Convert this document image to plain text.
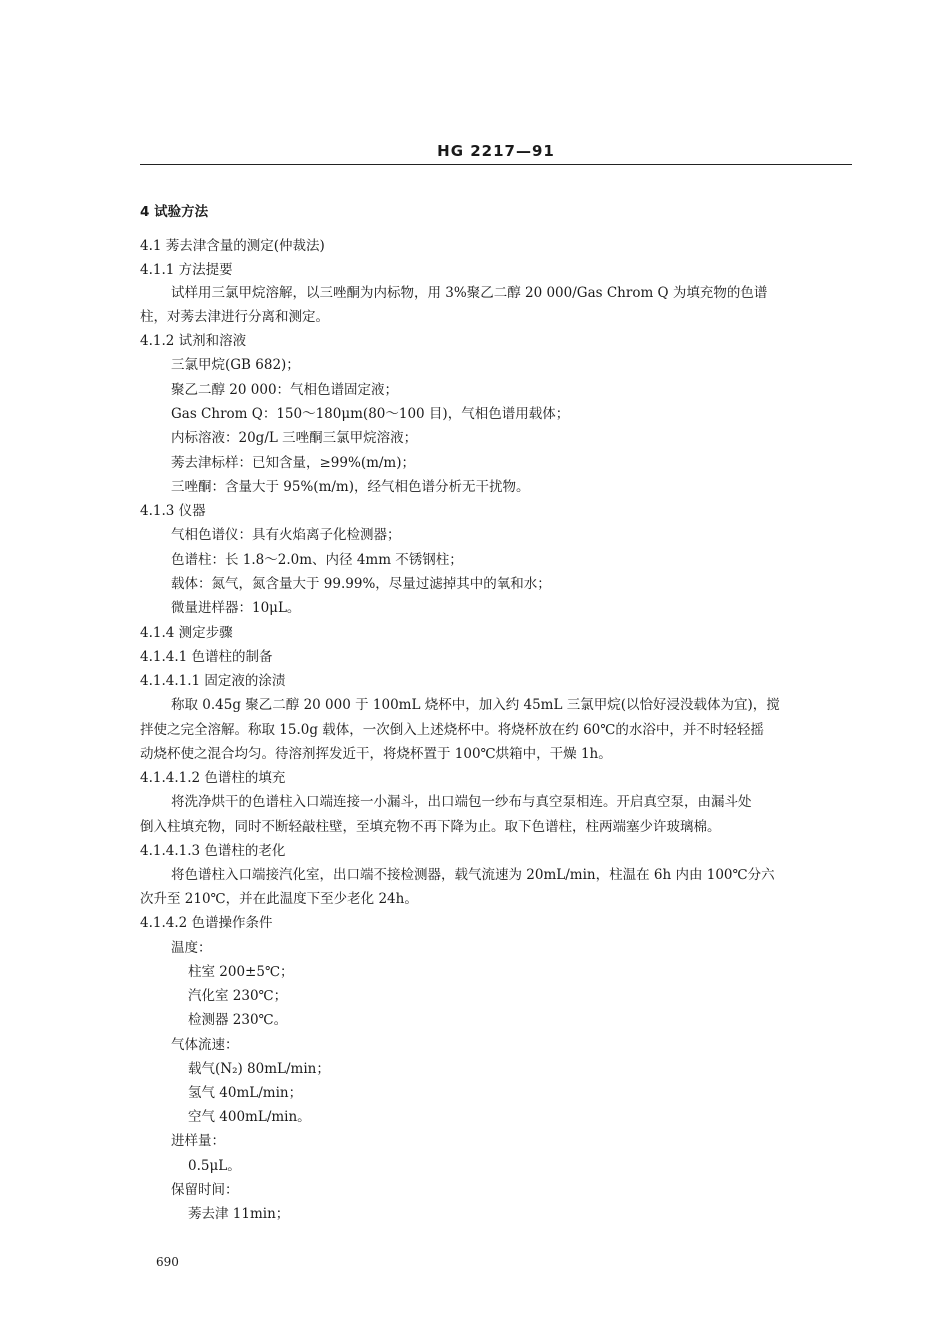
HG 2217—91
4 试验方法
4.1 莠去津含量的测定(仲裁法)
4.1.1 方法提要
试样用三氯甲烷溶解，以三唑酮为内标物，用 3%聚乙二醇 20 000/Gas Chrom Q 为填充物的色谱
柱，对莠去津进行分离和测定。
4.1.2 试剂和溶液
三氯甲烷(GB 682)；
聚乙二醇 20 000：气相色谱固定液；
Gas Chrom Q：150～180μm(80～100 目)，气相色谱用载体；
内标溶液：20g/L 三唑酮三氯甲烷溶液；
莠去津标样：已知含量，≥99%(m/m)；
三唑酮：含量大于 95%(m/m)，经气相色谱分析无干扰物。
4.1.3 仪器
气相色谱仪：具有火焰离子化检测器；
色谱柱：长 1.8～2.0m、内径 4mm 不锈钢柱；
载体：氮气，氮含量大于 99.99%，尽量过滤掉其中的氧和水；
微量进样器：10μL。
4.1.4 测定步骤
4.1.4.1 色谱柱的制备
4.1.4.1.1 固定液的涂渍
称取 0.45g 聚乙二醇 20 000 于 100mL 烧杯中，加入约 45mL 三氯甲烷(以恰好浸没载体为宜)，搅
拌使之完全溶解。称取 15.0g 载体，一次倒入上述烧杯中。将烧杯放在约 60℃的水浴中，并不时轻轻摇
动烧杯使之混合均匀。待溶剂挥发近干，将烧杯置于 100℃烘箱中，干燥 1h。
4.1.4.1.2 色谱柱的填充
将洗净烘干的色谱柱入口端连接一小漏斗，出口端包一纱布与真空泵相连。开启真空泵，由漏斗处
倒入柱填充物，同时不断轻敲柱壁，至填充物不再下降为止。取下色谱柱，柱两端塞少许玻璃棉。
4.1.4.1.3 色谱柱的老化
将色谱柱入口端接汽化室，出口端不接检测器，载气流速为 20mL/min，柱温在 6h 内由 100℃分六
次升至 210℃，并在此温度下至少老化 24h。
4.1.4.2 色谱操作条件
温度：
柱室 200±5℃；
汽化室 230℃；
检测器 230℃。
气体流速：
载气(N₂) 80mL/min；
氢气 40mL/min；
空气 400mL/min。
进样量：
0.5μL。
保留时间：
莠去津 11min；
690
